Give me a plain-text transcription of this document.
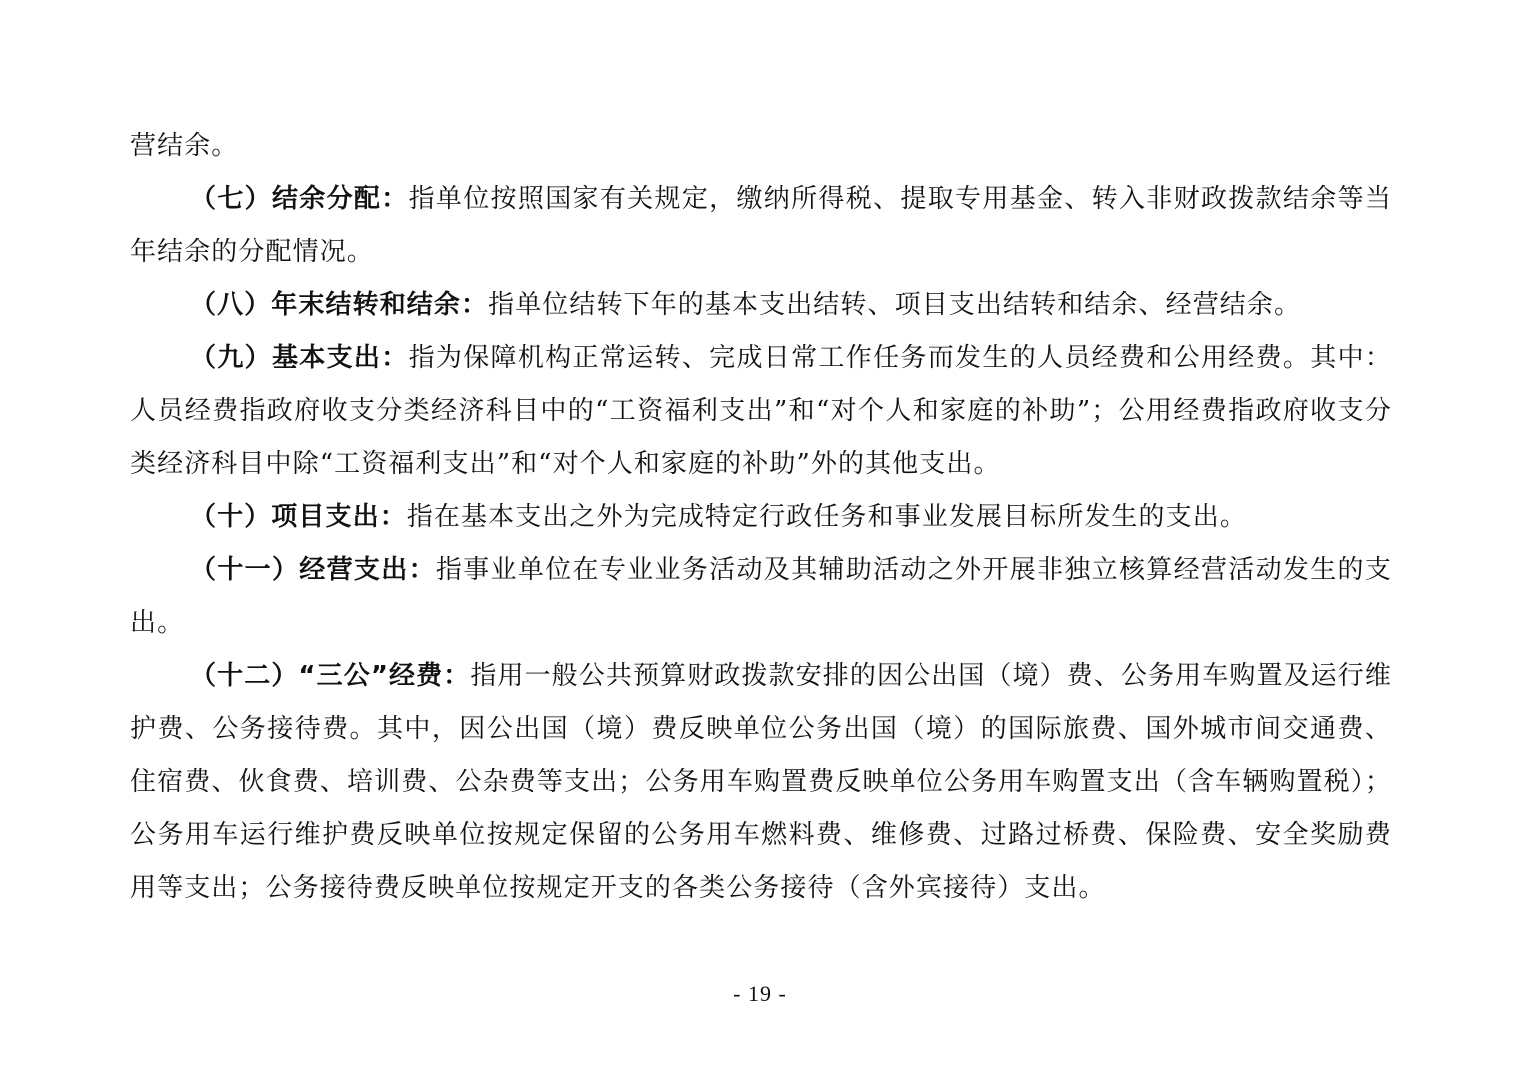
营结余。

（七）结余分配：指单位按照国家有关规定，缴纳所得税、提取专用基金、转入非财政拨款结余等当年结余的分配情况。

（八）年末结转和结余：指单位结转下年的基本支出结转、项目支出结转和结余、经营结余。

（九）基本支出：指为保障机构正常运转、完成日常工作任务而发生的人员经费和公用经费。其中：人员经费指政府收支分类经济科目中的“工资福利支出”和“对个人和家庭的补助”；公用经费指政府收支分类经济科目中除“工资福利支出”和“对个人和家庭的补助”外的其他支出。

（十）项目支出：指在基本支出之外为完成特定行政任务和事业发展目标所发生的支出。

（十一）经营支出：指事业单位在专业业务活动及其辅助活动之外开展非独立核算经营活动发生的支出。

（十二）“三公”经费：指用一般公共预算财政拨款安排的因公出国（境）费、公务用车购置及运行维护费、公务接待费。其中，因公出国（境）费反映单位公务出国（境）的国际旅费、国外城市间交通费、住宿费、伙食费、培训费、公杂费等支出；公务用车购置费反映单位公务用车购置支出（含车辆购置税）；公务用车运行维护费反映单位按规定保留的公务用车燃料费、维修费、过路过桥费、保险费、安全奖励费用等支出；公务接待费反映单位按规定开支的各类公务接待（含外宾接待）支出。

- 19 -
